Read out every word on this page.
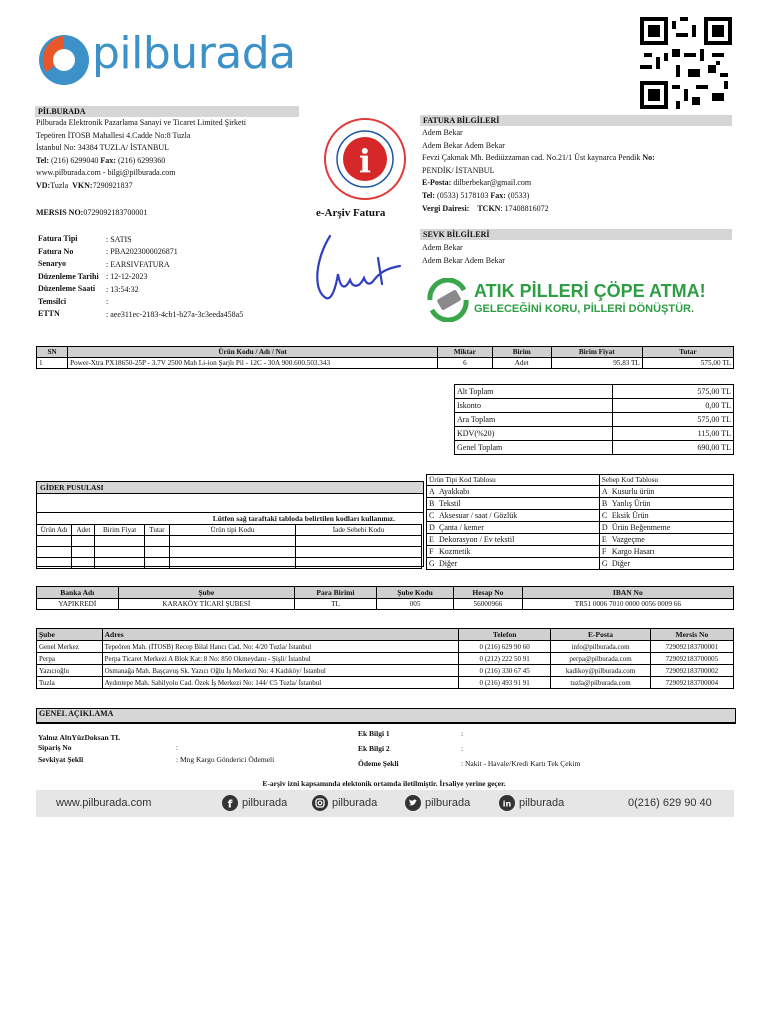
pilburada
PİLBURADA
Pilburada Elektronik Pazarlama Sanayi ve Ticaret Limited Şirketi
Tepeören İTOSB Mahallesi 4.Cadde No:8 Tuzla
İstanbul No: 34384 TUZLA/ İSTANBUL
Tel: (216) 6299040 Fax: (216) 6299360
www.pilburada.com - bilgi@pilburada.com
VD:Tuzla VKN:7290921837
MERSIS NO:0729092183700001
i
e-Arşiv Fatura
Fatura Tipi	: SATIS
Fatura No	: PBA2023000026871
Senaryo	: EARSIVFATURA
Düzenleme Tarihi	: 12-12-2023
Düzenleme Saati	: 13:54:32
Temsilci	:
ETTN	: aee311ec-2183-4cb1-b27a-3c3eeda458a5
FATURA BİLGİLERİ
Adem Bekar
Adem Bekar Adem Bekar
Fevzi Çakmak Mh. Bediüzzaman cad. No.21/1 Üst kaynarca Pendik No:
PENDİK/ İSTANBUL
E-Posta: dilberbekar@gmail.com
Tel: (0533) 5178103 Fax: (0533)
Vergi Dairesi: TCKN: 17408816072
SEVK BİLGİLERİ
Adem Bekar
Adem Bekar Adem Bekar
ATIK PİLLERİ ÇÖPE ATMA!
GELECEĞİNİ KORU, PİLLERİ DÖNÜŞTÜR.
SN	Ürün Kodu / Adı / Not	Miktar	Birim	Birim Fiyat	Tutar
1	Power-Xtra PX18650-25P - 3.7V 2500 Mah Li-ion Şarjlı Pil - 12C - 30A 900.600.503.343	6	Adet	95,83 TL	575,00 TL
Alt Toplam	575,00 TL
Iskonto	0,00 TL
Ara Toplam	575,00 TL
KDV(%20)	115,00 TL
Genel Toplam	690,00 TL
GİDER PUSULASI
Lütfen sağ taraftaki tabloda belirtilen kodları kullanınız.
Ürün Adı	Adet	Birim Fiyat	Tutar	Ürün tipi Kodu	İade Sebebi Kodu

Ürün Tipi Kod Tablosu		Sebep Kod Tablosu	
A	Ayakkabı	A	Kusurlu ürün
B	Tekstil	B	Yanlış Ürün
C	Aksesuar / saat / Gözlük	C	Eksik Ürün
D	Çanta / kemer	D	Ürün Beğenmeme
E	Dekorasyon / Ev tekstil	E	Vazgeçme
F	Kozmetik	F	Kargo Hasarı
G	Diğer	G	Diğer
Banka Adı	Şube	Para Birimi	Şube Kodu	Hesap No	IBAN No
YAPIKREDİ	KARAKÖY TİCARİ ŞUBESİ	TL	005	56000966	TR51 0006 7010 0000 0056 0009 66
Şube	Adres	Telefon	E-Posta	Mersis No
Genel Merkez	Tepeören Mah. (İTOSB) Recep Bilal Hancı Cad. No: 4/20 Tuzla/ İstanbul	0 (216) 629 90 60	info@pilburada.com	729092183700001
Perpa	Perpa Ticaret Merkezi A Blok Kat: 8 No: 850 Okmeydanı - Şişli/ İstanbul	0 (212) 222 50 91	perpa@pilburada.com	729092183700005
Yazıcıoğlu	Osmanağa Mah. Başçavuş Sk. Yazıcı Oğlu İş Merkezi No: 4 Kadıköy/ İstanbul	0 (216) 330 67 45	kadikoy@pilburada.com	729092183700002
Tuzla	Aydıntepe Mah. Sahilyolu Cad. Özek İş Merkezi No: 144/ C5 Tuzla/ İstanbul	0 (216) 493 91 91	tuzla@pilburada.com	729092183700004
GENEL AÇIKLAMA
Yalnız AltıYüzDoksan TL
Sipariş No	:
Sevkiyat Şekli	: Mng Kargo Gönderici Ödemeli
Ek Bilgi 1	:
Ek Bilgi 2	:
Ödeme Şekli	: Nakit - Havale/Kredi Kartı Tek Çekim
E-arşiv izni kapsamında elektonik ortamda iletilmiştir. İrsaliye yerine geçer.
www.pilburada.com	f pilburada	pilburada	pilburada	in pilburada	0(216) 629 90 40
